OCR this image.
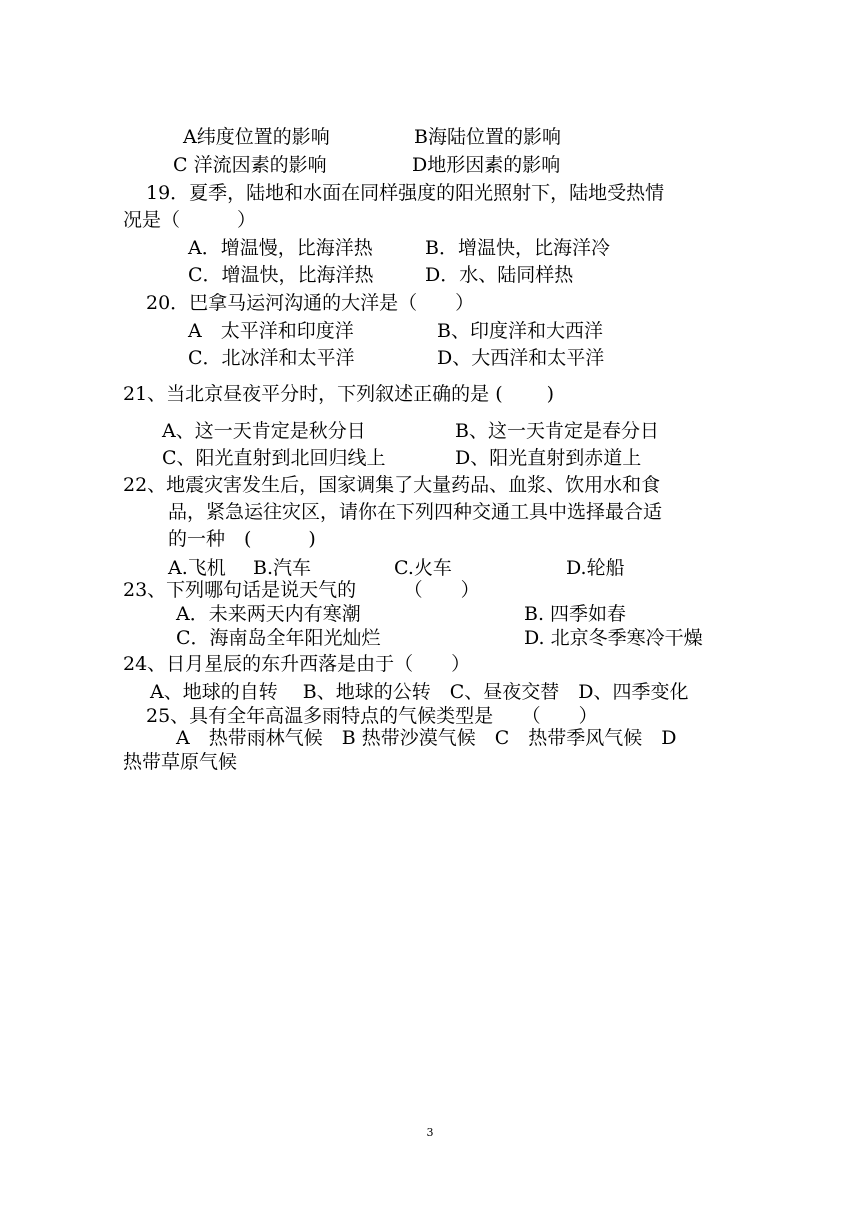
A纬度位置的影响	B海陆位置的影响
C 洋流因素的影响	D地形因素的影响
19．夏季，陆地和水面在同样强度的阳光照射下，陆地受热情
况是（　　　）
A．增温慢，比海洋热	B．增温快，比海洋冷
C．增温快，比海洋热	D．水、陆同样热
20．巴拿马运河沟通的大洋是（　　）
A　太平洋和印度洋	B、印度洋和大西洋
C．北冰洋和太平洋	D、大西洋和太平洋
21、当北京昼夜平分时，下列叙述正确的是 (　　 )
A、这一天肯定是秋分日	B、这一天肯定是春分日
C、阳光直射到北回归线上	D、阳光直射到赤道上
22、地震灾害发生后，国家调集了大量药品、血浆、饮用水和食
品，紧急运往灾区，请你在下列四种交通工具中选择最合适
的一种　(　　　)
A.飞机 B.汽车	C.火车	D.轮船
23、下列哪句话是说天气的　　　（　　）
A．未来两天内有寒潮	B. 四季如春
C．海南岛全年阳光灿烂	D. 北京冬季寒冷干燥
24、日月星辰的东升西落是由于（　　）
A、地球的自转　 B、地球的公转　C、昼夜交替　D、四季变化
25、具有全年高温多雨特点的气候类型是　　（　　）
A　热带雨林气候　B 热带沙漠气候　C　热带季风气候　D
热带草原气候
3
